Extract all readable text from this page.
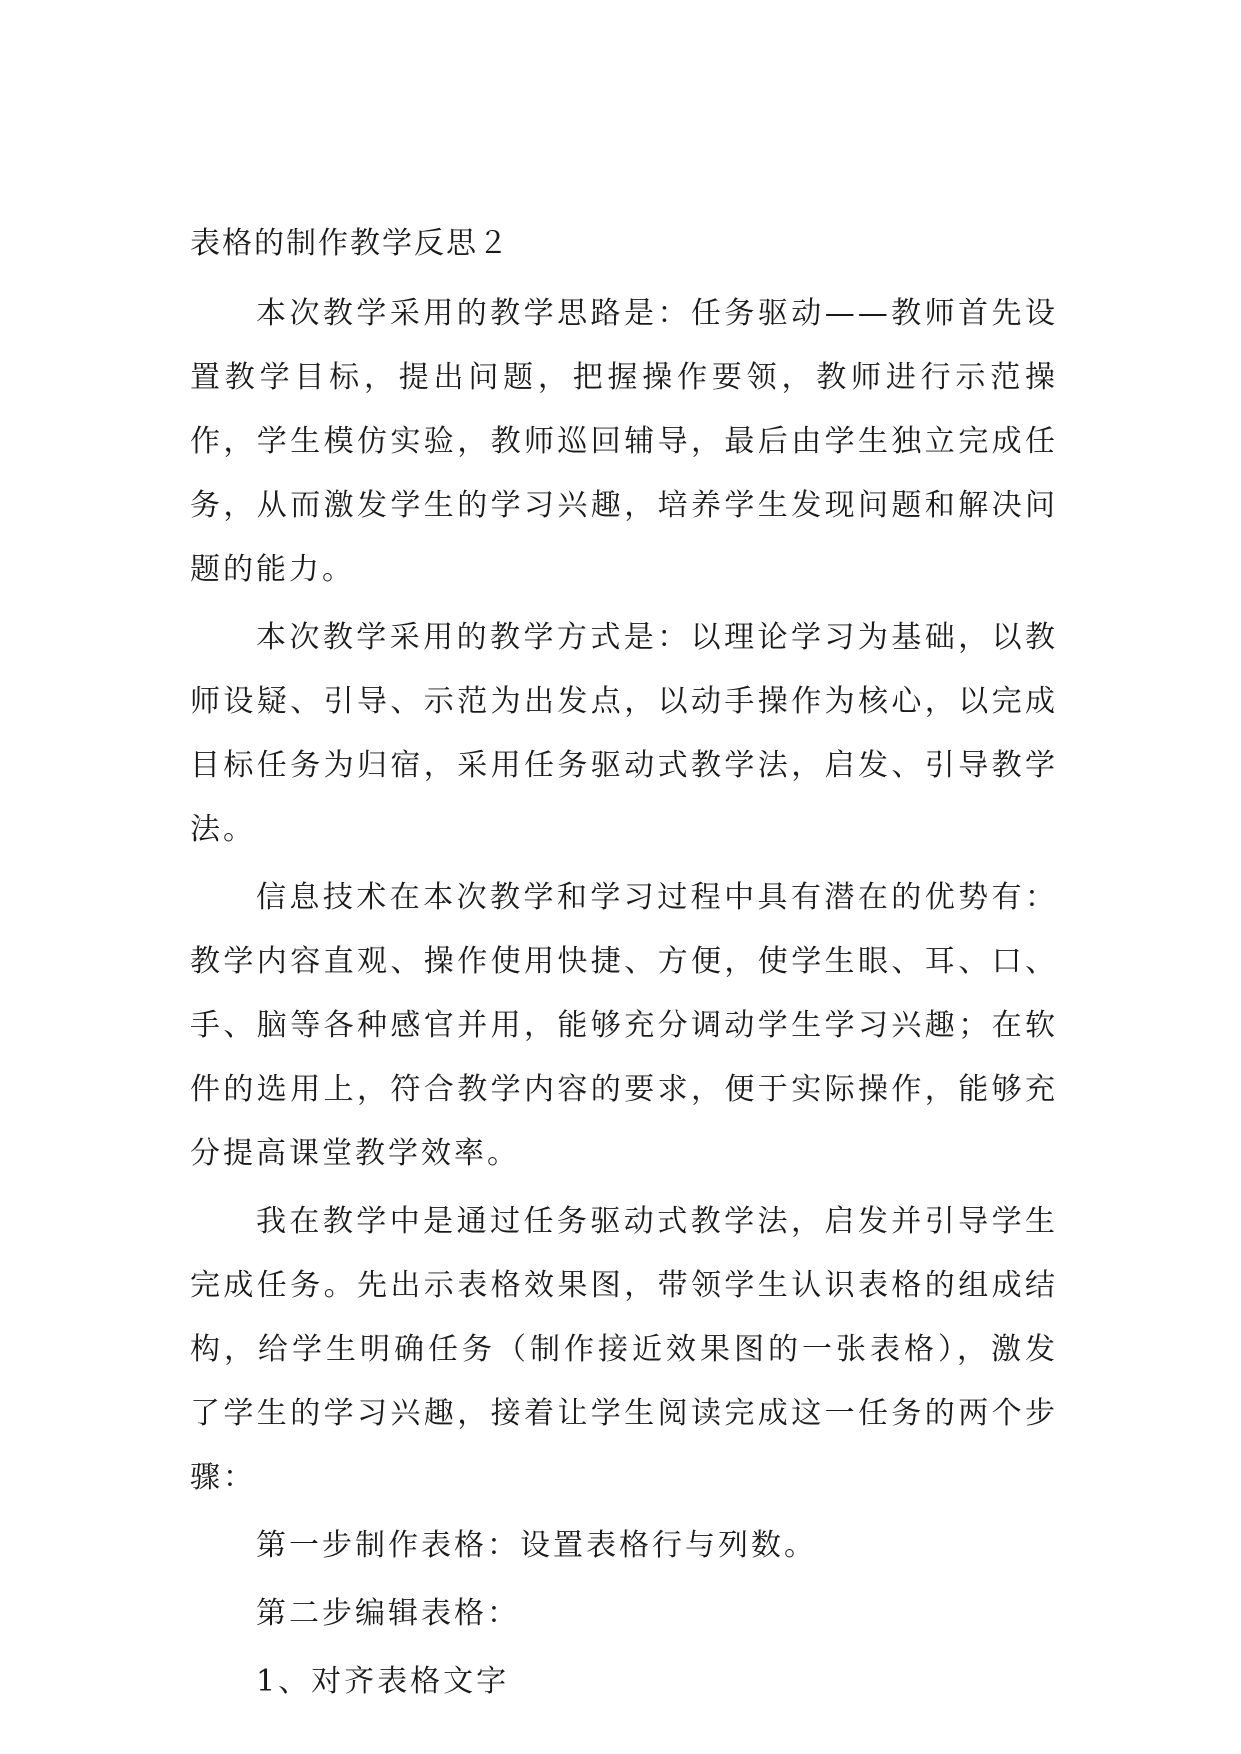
表格的制作教学反思２

本次教学采用的教学思路是：任务驱动——教师首先设置教学目标，提出问题，把握操作要领，教师进行示范操作，学生模仿实验，教师巡回辅导，最后由学生独立完成任务，从而激发学生的学习兴趣，培养学生发现问题和解决问题的能力。

本次教学采用的教学方式是：以理论学习为基础，以教师设疑、引导、示范为出发点，以动手操作为核心，以完成目标任务为归宿，采用任务驱动式教学法，启发、引导教学法。

信息技术在本次教学和学习过程中具有潜在的优势有：教学内容直观、操作使用快捷、方便，使学生眼、耳、口、手、脑等各种感官并用，能够充分调动学生学习兴趣；在软件的选用上，符合教学内容的要求，便于实际操作，能够充分提高课堂教学效率。

我在教学中是通过任务驱动式教学法，启发并引导学生完成任务。先出示表格效果图，带领学生认识表格的组成结构，给学生明确任务（制作接近效果图的一张表格），激发了学生的学习兴趣，接着让学生阅读完成这一任务的两个步骤：

第一步制作表格：设置表格行与列数。

第二步编辑表格：

1、对齐表格文字
